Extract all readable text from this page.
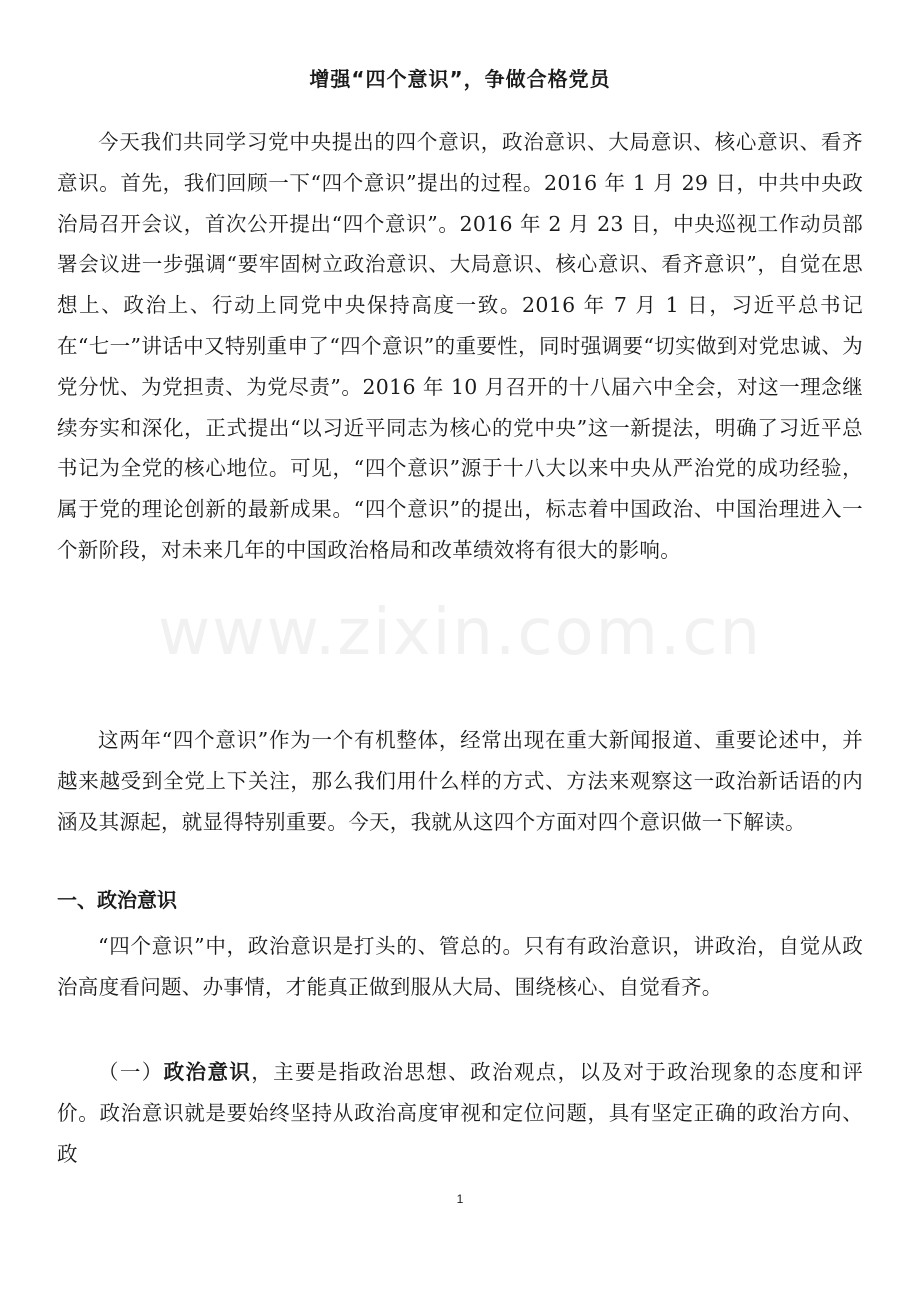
增强“四个意识”，争做合格党员

今天我们共同学习党中央提出的四个意识，政治意识、大局意识、核心意识、看齐意识。首先，我们回顾一下“四个意识”提出的过程。2016 年 1 月 29 日，中共中央政治局召开会议，首次公开提出“四个意识”。2016 年 2 月 23 日，中央巡视工作动员部署会议进一步强调“要牢固树立政治意识、大局意识、核心意识、看齐意识”，自觉在思想上、政治上、行动上同党中央保持高度一致。2016 年 7 月 1 日，习近平总书记在“七一”讲话中又特别重申了“四个意识”的重要性，同时强调要“切实做到对党忠诚、为党分忧、为党担责、为党尽责”。2016 年 10 月召开的十八届六中全会，对这一理念继续夯实和深化，正式提出“以习近平同志为核心的党中央”这一新提法，明确了习近平总书记为全党的核心地位。可见，“四个意识”源于十八大以来中央从严治党的成功经验，属于党的理论创新的最新成果。“四个意识”的提出，标志着中国政治、中国治理进入一个新阶段，对未来几年的中国政治格局和改革绩效将有很大的影响。

这两年“四个意识”作为一个有机整体，经常出现在重大新闻报道、重要论述中，并越来越受到全党上下关注，那么我们用什么样的方式、方法来观察这一政治新话语的内涵及其源起，就显得特别重要。今天，我就从这四个方面对四个意识做一下解读。

一、政治意识

“四个意识”中，政治意识是打头的、管总的。只有有政治意识，讲政治，自觉从政治高度看问题、办事情，才能真正做到服从大局、围绕核心、自觉看齐。

（一）政治意识，主要是指政治思想、政治观点，以及对于政治现象的态度和评价。政治意识就是要始终坚持从政治高度审视和定位问题，具有坚定正确的政治方向、政

www.zixin.com.cn
1
